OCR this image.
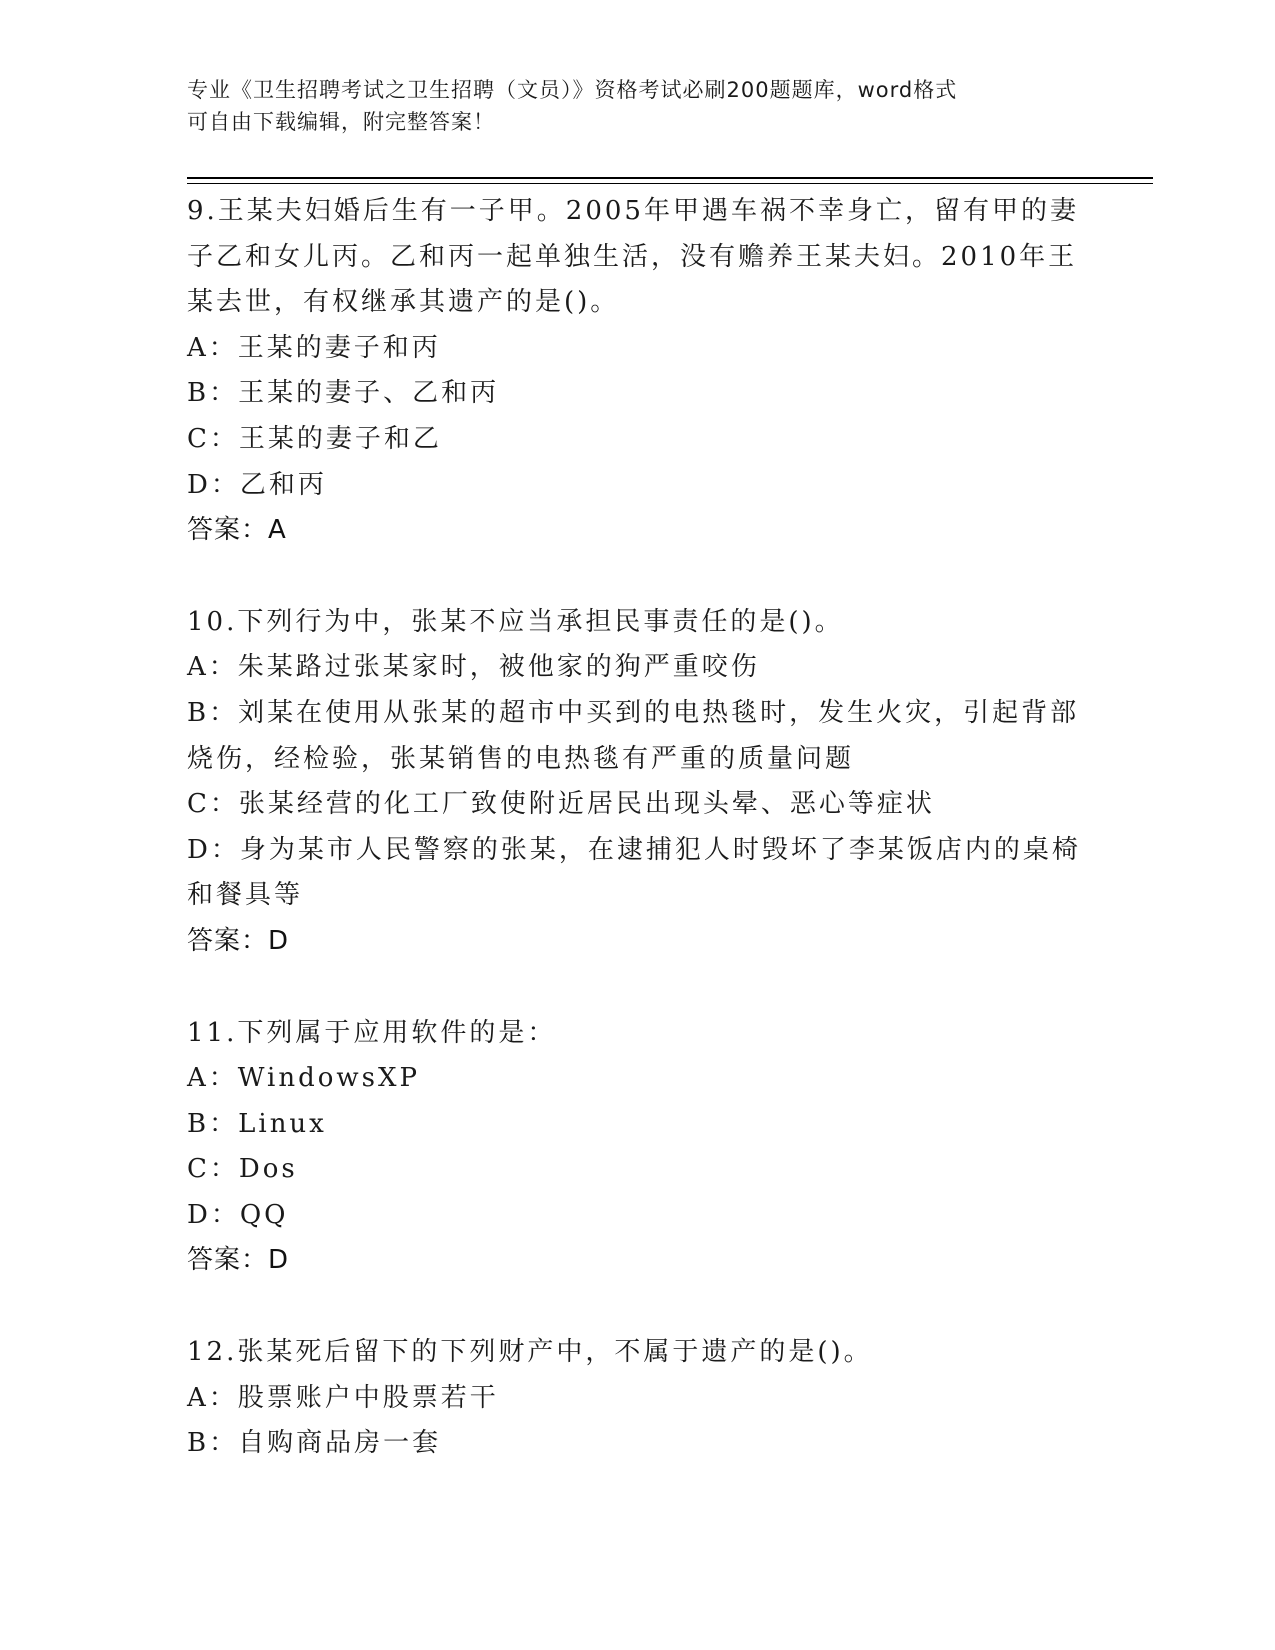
专业《卫生招聘考试之卫生招聘（文员）》资格考试必刷200题题库，word格式
可自由下载编辑，附完整答案！
9.王某夫妇婚后生有一子甲。2005年甲遇车祸不幸身亡，留有甲的妻
子乙和女儿丙。乙和丙一起单独生活，没有赡养王某夫妇。2010年王
某去世，有权继承其遗产的是()。
A：王某的妻子和丙
B：王某的妻子、乙和丙
C：王某的妻子和乙
D：乙和丙
答案：A
10.下列行为中，张某不应当承担民事责任的是()。
A：朱某路过张某家时，被他家的狗严重咬伤
B：刘某在使用从张某的超市中买到的电热毯时，发生火灾，引起背部
烧伤，经检验，张某销售的电热毯有严重的质量问题
C：张某经营的化工厂致使附近居民出现头晕、恶心等症状
D：身为某市人民警察的张某，在逮捕犯人时毁坏了李某饭店内的桌椅
和餐具等
答案：D
11.下列属于应用软件的是：
A：WindowsXP
B：Linux
C：Dos
D：QQ
答案：D
12.张某死后留下的下列财产中，不属于遗产的是()。
A：股票账户中股票若干
B：自购商品房一套
